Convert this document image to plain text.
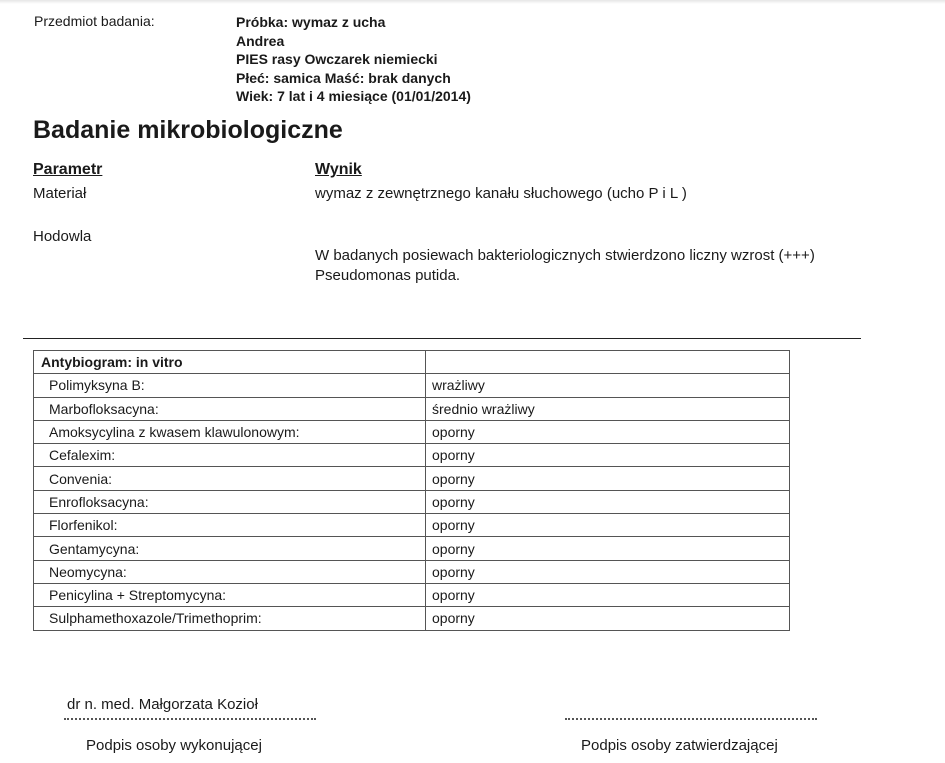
Przedmiot badania:	Próbka: wymaz z ucha
Andrea
PIES rasy Owczarek niemiecki
Płeć: samica Maść: brak danych
Wiek: 7 lat i 4 miesiące (01/01/2014)
Badanie mikrobiologiczne
Parametr	Wynik
Materiał	wymaz z zewnętrznego kanału słuchowego (ucho P i L )
Hodowla
W badanych posiewach bakteriologicznych stwierdzono liczny wzrost (+++)
Pseudomonas putida.
Antybiogram: in vitro	
Polimyksyna B:	wrażliwy
Marbofloksacyna:	średnio wrażliwy
Amoksycylina z kwasem klawulonowym:	oporny
Cefalexim:	oporny
Convenia:	oporny
Enrofloksacyna:	oporny
Florfenikol:	oporny
Gentamycyna:	oporny
Neomycyna:	oporny
Penicylina + Streptomycyna:	oporny
Sulphamethoxazole/Trimethoprim:	oporny
dr n. med. Małgorzata Kozioł
Podpis osoby wykonującej	Podpis osoby zatwierdzającej
